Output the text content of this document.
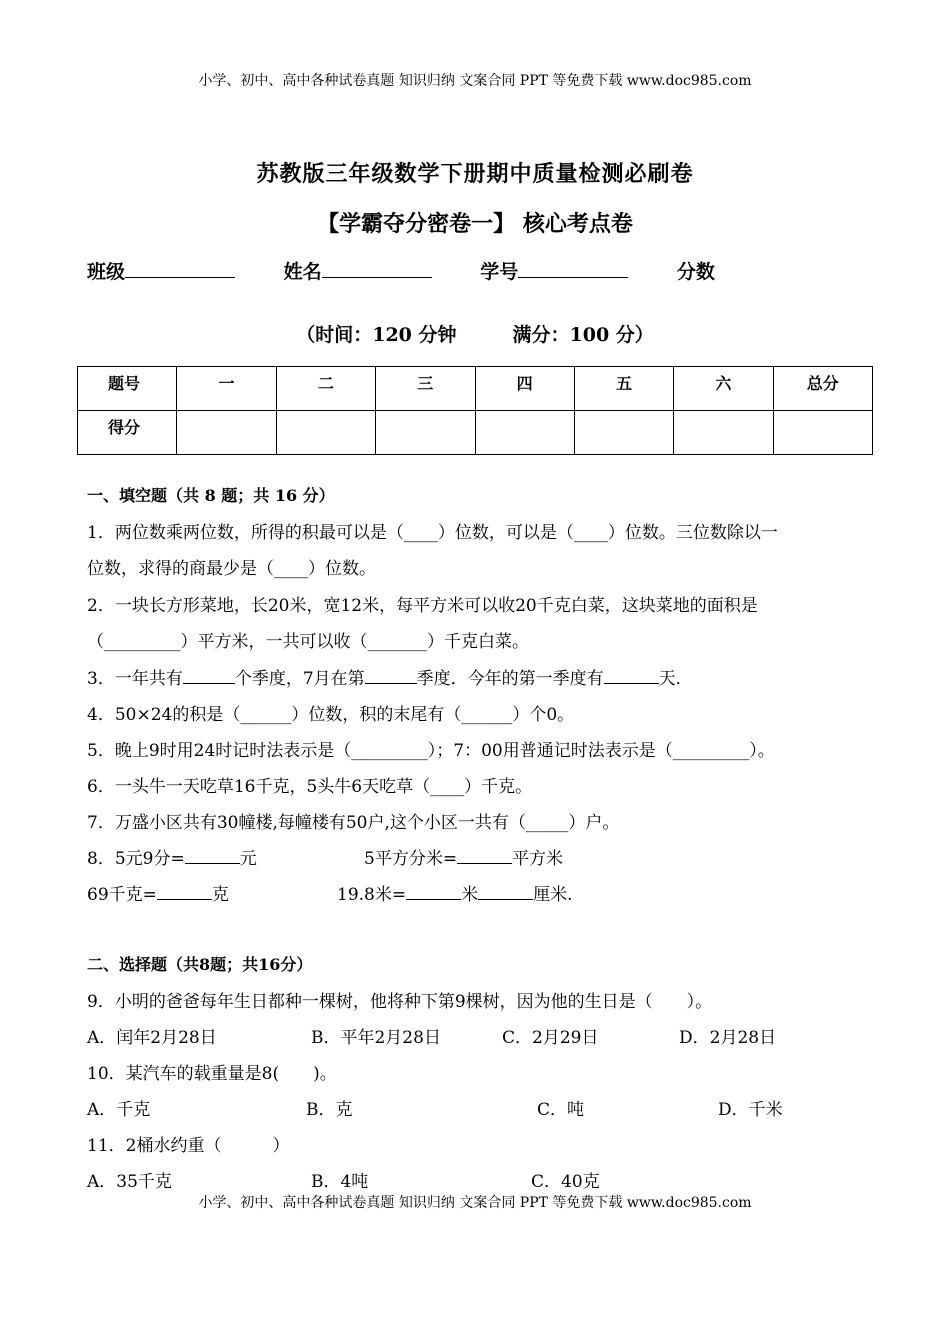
小学、初中、高中各种试卷真题 知识归纳 文案合同 PPT 等免费下载 www.doc985.com
苏教版三年级数学下册期中质量检测必刷卷
【学霸夺分密卷一】 核心考点卷
班级	姓名	学号	分数
（时间：120 分钟	满分：100 分）
题号	一	二	三	四	五	六	总分
得分							
一、填空题（共 8 题；共 16 分）
1．两位数乘两位数，所得的积最可以是（____）位数，可以是（____）位数。三位数除以一
位数，求得的商最少是（____）位数。
2．一块长方形菜地，长20米，宽12米，每平方米可以收20千克白菜，这块菜地的面积是
（_________）平方米，一共可以收（_______）千克白菜。
3．一年共有	个季度，7月在第	季度．今年的第一季度有	天．
4．50×24的积是（______）位数，积的末尾有（______）个0。
5．晚上9时用24时记时法表示是（_________）；7：00用普通记时法表示是（_________）。
6．一头牛一天吃草16千克，5头牛6天吃草（____）千克。
7．万盛小区共有30幢楼,每幢楼有50户,这个小区一共有（_____）户。
8．5元9分=	元	5平方分米=	平方米
69千克=	克	19.8米=	米	厘米.
二、选择题（共8题；共16分）
9．小明的爸爸每年生日都种一棵树，他将种下第9棵树，因为他的生日是（　　）。
A．闰年2月28日	B．平年2月28日	C．2月29日	D．2月28日
10．某汽车的载重量是8(　　)。
A．千克	B．克	C．吨	D．千米
11．2桶水约重（　　　）
A．35千克	B．4吨	C．40克
小学、初中、高中各种试卷真题 知识归纳 文案合同 PPT 等免费下载 www.doc985.com
